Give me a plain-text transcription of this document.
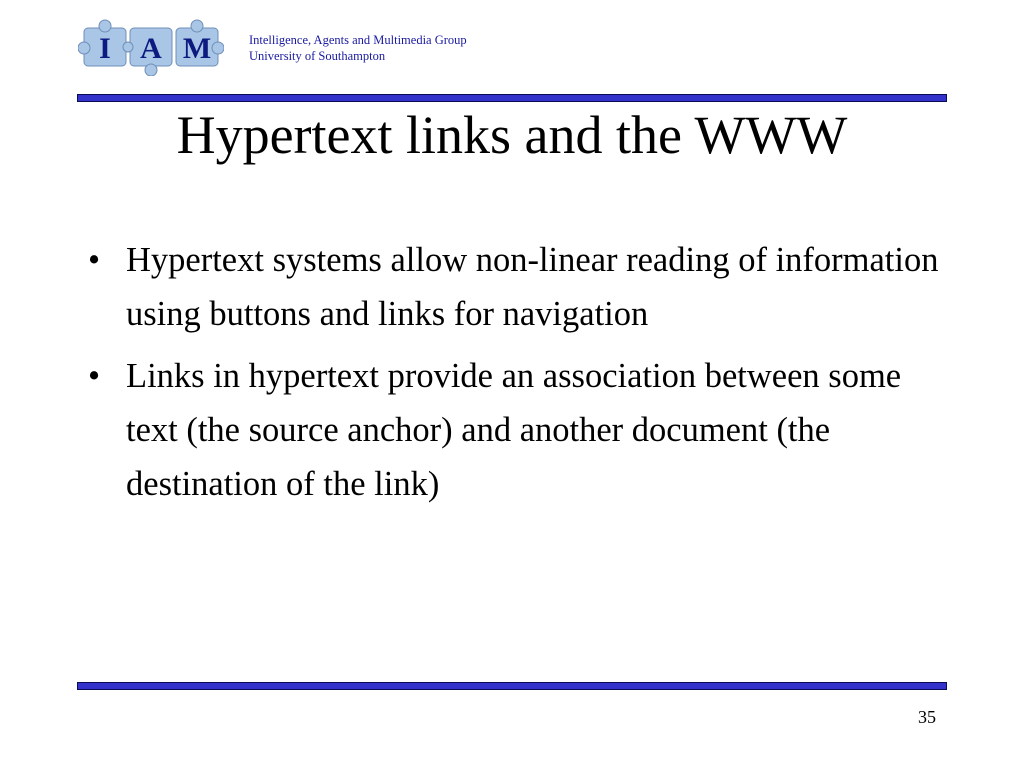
I A M	Intelligence, Agents and Multimedia Group
University of Southampton
Hypertext links and the WWW
• Hypertext systems allow non-linear reading of information using buttons and links for navigation
• Links in hypertext provide an association between some text (the source anchor) and another document (the destination of the link)
35
